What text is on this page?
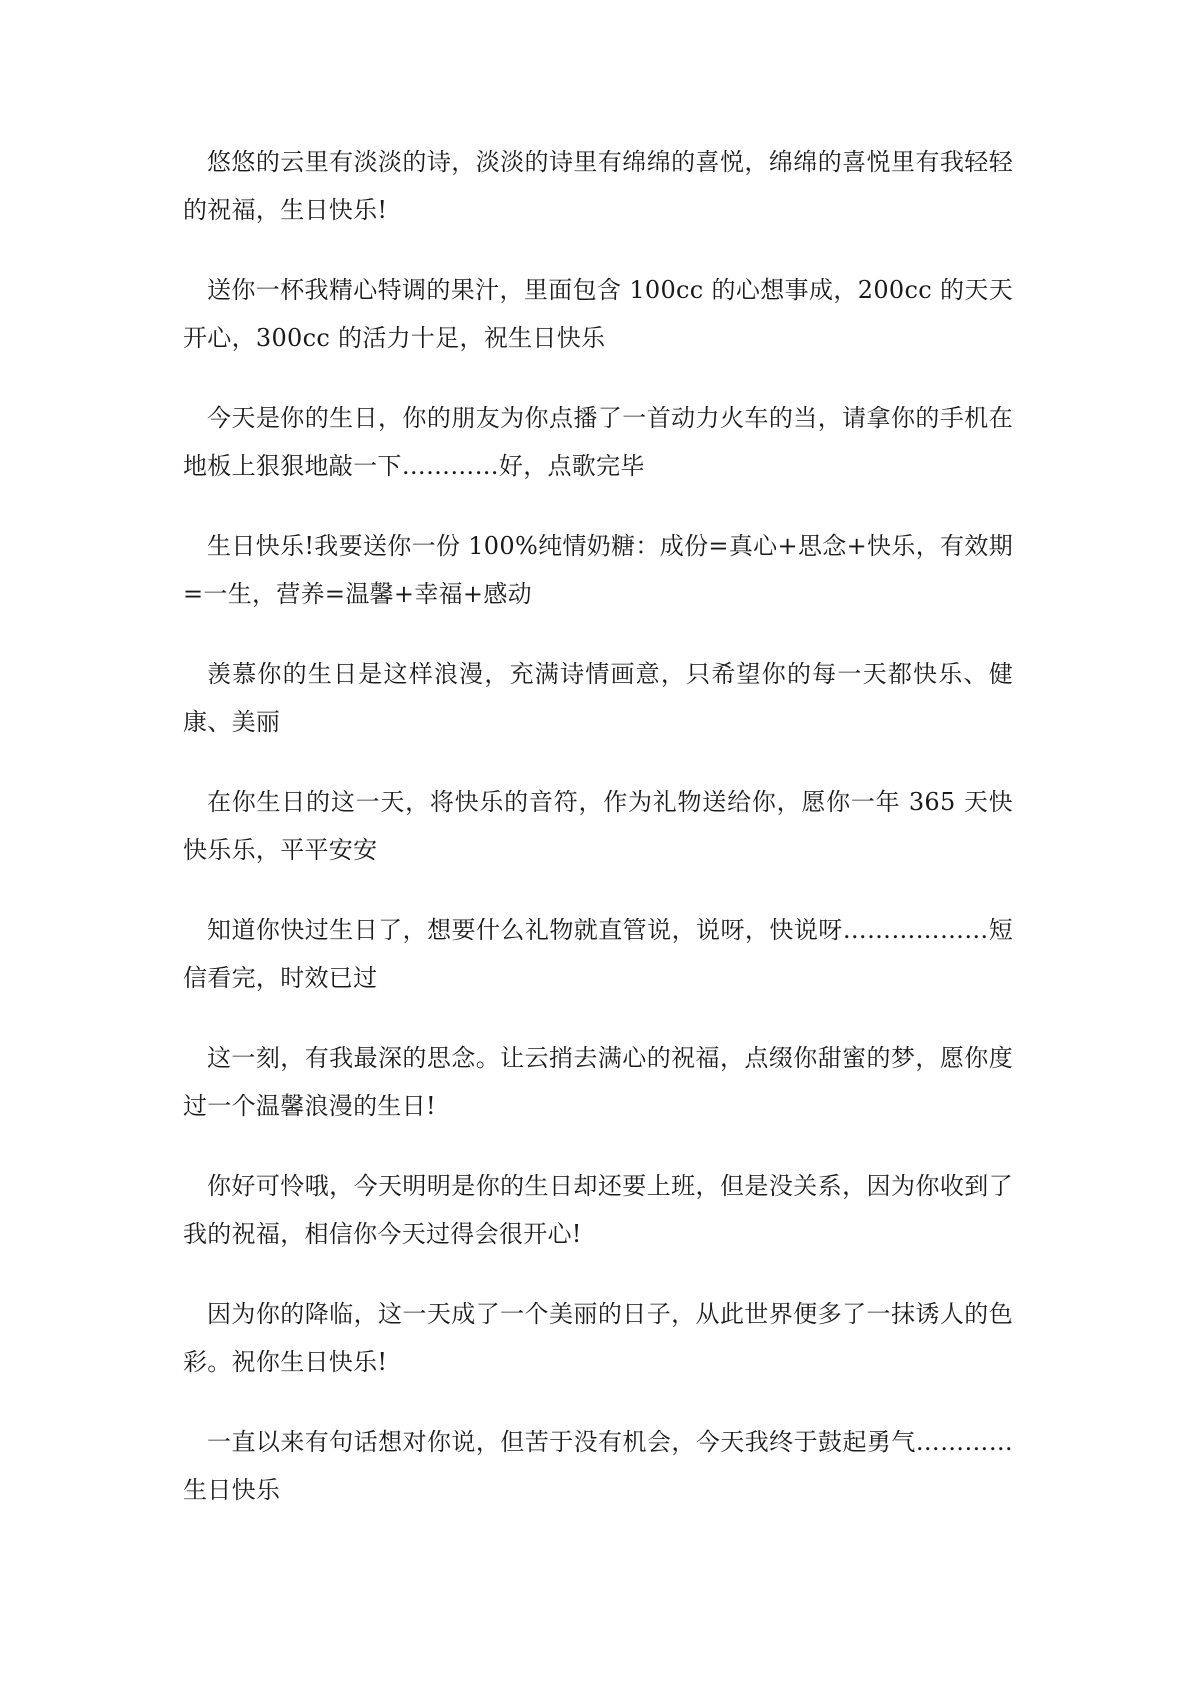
悠悠的云里有淡淡的诗，淡淡的诗里有绵绵的喜悦，绵绵的喜悦里有我轻轻的祝福，生日快乐!

送你一杯我精心特调的果汁，里面包含 100cc 的心想事成，200cc 的天天开心，300cc 的活力十足，祝生日快乐

今天是你的生日，你的朋友为你点播了一首动力火车的当，请拿你的手机在地板上狠狠地敲一下…………好，点歌完毕

生日快乐!我要送你一份 100%纯情奶糖：成份=真心+思念+快乐，有效期=一生，营养=温馨+幸福+感动

羡慕你的生日是这样浪漫，充满诗情画意，只希望你的每一天都快乐、健康、美丽

在你生日的这一天，将快乐的音符，作为礼物送给你，愿你一年 365 天快快乐乐，平平安安

知道你快过生日了，想要什么礼物就直管说，说呀，快说呀………………短信看完，时效已过

这一刻，有我最深的思念。让云捎去满心的祝福，点缀你甜蜜的梦，愿你度过一个温馨浪漫的生日!

你好可怜哦，今天明明是你的生日却还要上班，但是没关系，因为你收到了我的祝福，相信你今天过得会很开心!

因为你的降临，这一天成了一个美丽的日子，从此世界便多了一抹诱人的色彩。祝你生日快乐!

一直以来有句话想对你说，但苦于没有机会，今天我终于鼓起勇气…………生日快乐
